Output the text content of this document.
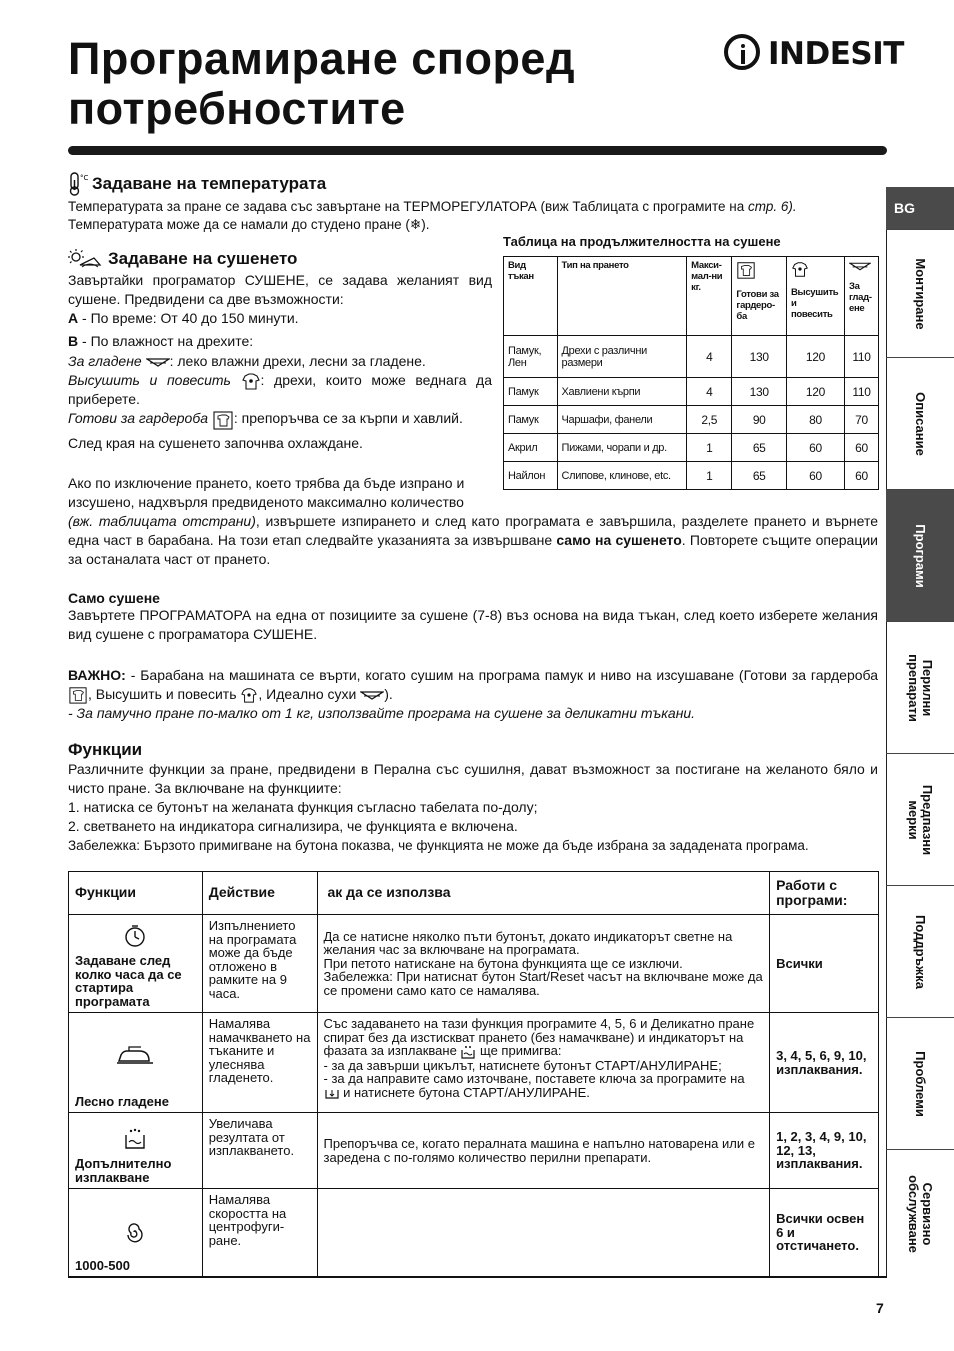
Програмиране според
потребностите
INDESIT
BG
Монтиране
Описание
Програми
Перилни
препарати
Предпазни
мерки
Поддръжка
Проблеми
Сервизно
обслужване
°C Задаване на температурата
Температурата за пране се задава със завъртане на ТЕРМОРЕГУЛАТОРА (виж Таблицата с програмите на стр. 6).
Температурата може да се намали до студено пране (❄).
Задаване на сушенето
Завъртайки програматор СУШЕНЕ, се задава желаният вид сушене. Предвидени са две възможности:
А - По време: От 40 до 150 минути.
В - По влажност на дрехите:
За гладене : леко влажни дрехи, лесни за гладене.
Высушить и повесить : дрехи, които може веднага да приберете.
Готови за гардероба : препоръчва се за кърпи и хавлий.
След края на сушенето започнва охлаждане.
Ако по изключение прането, което трябва да бъде изпрано и изсушено, надхвърля предвиденото максимално количество
(вж. таблицата отстрани), извършете изпирането и след като програмата е завършила, разделете прането и върнете една част в барабана. На този етап следвайте указанията за извършване само на сушенето. Повторете същите операции за останалата част от прането.
Таблица на продължителността на сушене
Вид тъкан	Тип на прането	Макси-мал-ни кг.	Готови за гардеро-ба	Высушить и повесить	За глад-ене

Памук, Лен	Дрехи с различни размери	4	130	120	110
Памук	Хавлиени кърпи	4	130	120	110
Памук	Чаршафи, фанели	2,5	90	80	70
Акрил	Пижами, чорапи и др.	1	65	60	60
Найлон	Слипове, клинове, etc.	1	65	60	60
Само сушене
Завъртете ПРОГРАМАТОРА на една от позициите за сушене (7-8) въз основа на вида тъкан, след което изберете желания вид сушене с програматора СУШЕНЕ.
ВАЖНО: - Барабана на машината се върти, когато сушим на програма памук и ниво на изсушаване (Готови за гардероба , Высушить и повесить , Идеално сухи ).
- За памучно пране по-малко от 1 кг, използвайте програма на сушене за деликатни тъкани.
Функции
Различните функции за пране, предвидени в Перална със сушилня, дават възможност за постигане на желаното бяло и чисто пране. За включване на функциите:
1. натиска се бутонът на желаната функция съгласно табелата по-долу;
2. светването на индикатора сигнализира, че функцията е включена.
Забележка: Бързото примигване на бутона показва, че функцията не може да бъде избрана за зададената програма.
Функции	Действие	ак да се използва	Работи с програми:

Задаване след колко часа да се стартира програмата	Изпълнението на програмата може да бъде отложено в рамките на 9 часа.	Да се натисне няколко пъти бутонът, докато индикаторът светне на желания час за включване на програмата.
При петото натискане на бутона функцията ще се изключи.
Забележка: При натиснат бутон Start/Reset часът на включване може да се промени само като се намалява.	Всички

Лесно гладене	Намалява намачкването на тъканите и улеснява гладенето.	Със задаването на тази функция програмите 4, 5, 6 и Деликатно пране спират без да изстискват прането (без намачкване) и индикаторът на фазата за изплакване  ще примигва:
- за да завърши цикълът, натиснете бутонът СТАРТ/АНУЛИРАНЕ;
- за да направите само източване, поставете ключа за програмите на  и натиснете бутона СТАРТ/АНУЛИРАНЕ.	3, 4, 5, 6, 9, 10, изплаквания.

Допълнително изплакване	Увеличава резултата от изплакването.	Препоръчва се, когато пералната машина е напълно натоварена или е заредена с по-голямо количество перилни препарати.	1, 2, 3, 4, 9, 10, 12, 13, изплаквания.

1000-500	Намалява скоростта на центрофуги-ране.		Всички освен 6 и отстичането.
7
